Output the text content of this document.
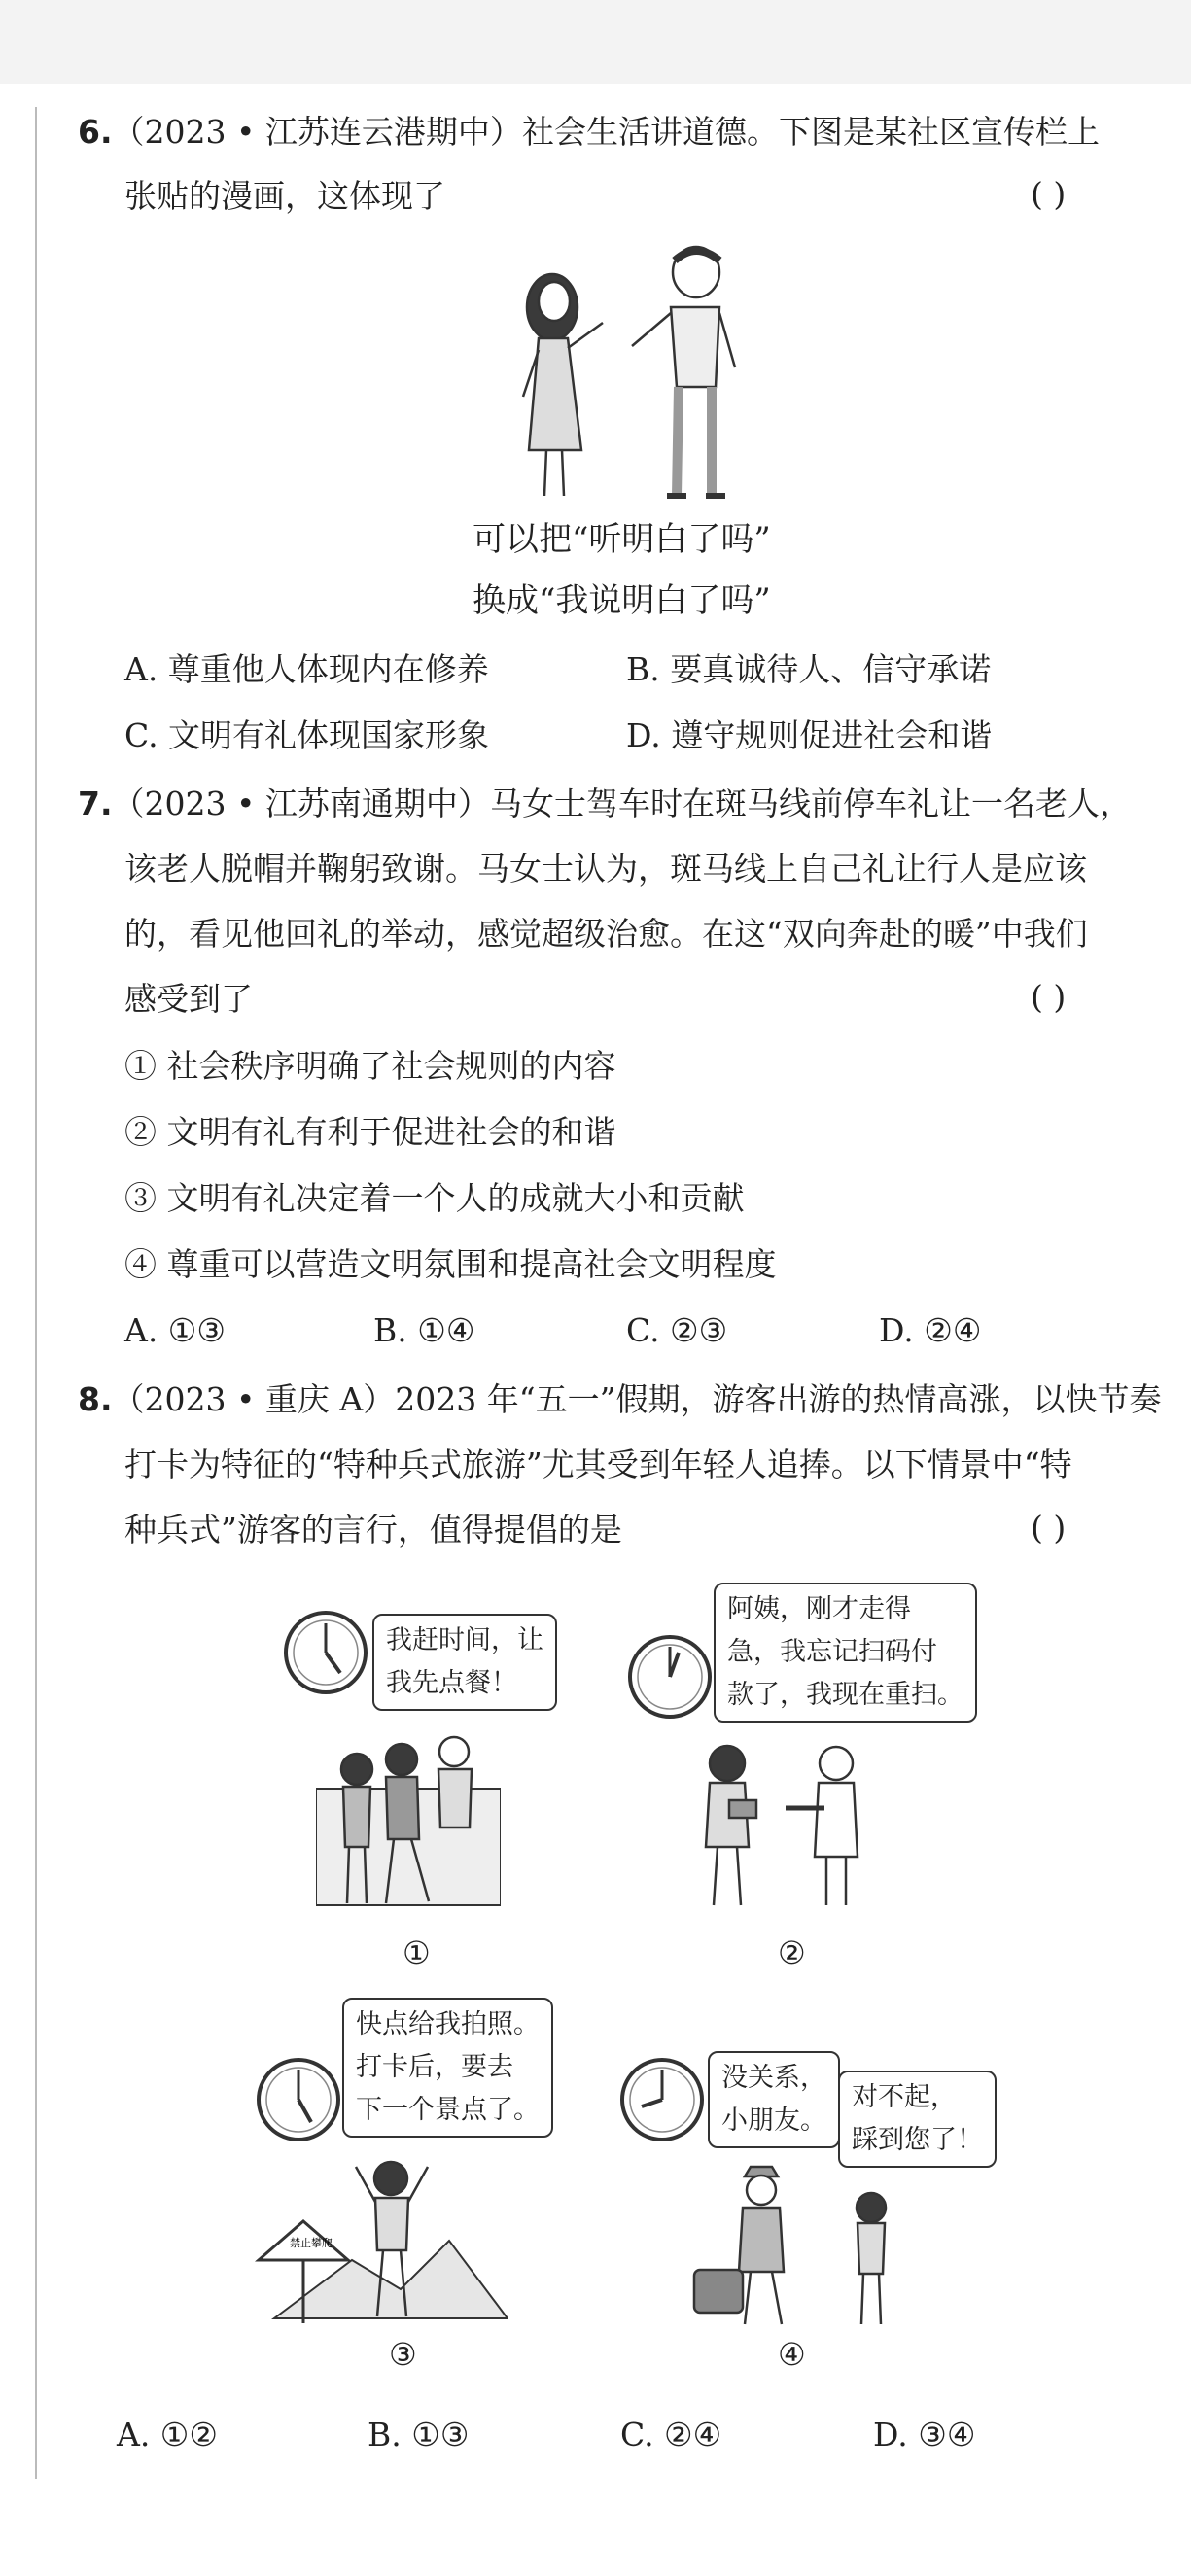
6.（2023 • 江苏连云港期中）社会生活讲道德。下图是某社区宣传栏上
张贴的漫画，这体现了	( )
可以把“听明白了吗”
换成“我说明白了吗”
A. 尊重他人体现内在修养	B. 要真诚待人、信守承诺
C. 文明有礼体现国家形象	D. 遵守规则促进社会和谐
7.（2023 • 江苏南通期中）马女士驾车时在斑马线前停车礼让一名老人，
该老人脱帽并鞠躬致谢。马女士认为，斑马线上自己礼让行人是应该
的，看见他回礼的举动，感觉超级治愈。在这“双向奔赴的暖”中我们
感受到了	( )
① 社会秩序明确了社会规则的内容
② 文明有礼有利于促进社会的和谐
③ 文明有礼决定着一个人的成就大小和贡献
④ 尊重可以营造文明氛围和提高社会文明程度
A. ①③	B. ①④	C. ②③	D. ②④
8.（2023 • 重庆 A）2023 年“五一”假期，游客出游的热情高涨，以快节奏
打卡为特征的“特种兵式旅游”尤其受到年轻人追捧。以下情景中“特
种兵式”游客的言行，值得提倡的是	( )
我赶时间，让
我先点餐！
①
阿姨，刚才走得
急，我忘记扫码付
款了，我现在重扫。
②
快点给我拍照。
打卡后，要去
下一个景点了。
禁止攀爬
③
没关系，
小朋友。
对不起，
踩到您了！
④
A. ①②	B. ①③	C. ②④	D. ③④
